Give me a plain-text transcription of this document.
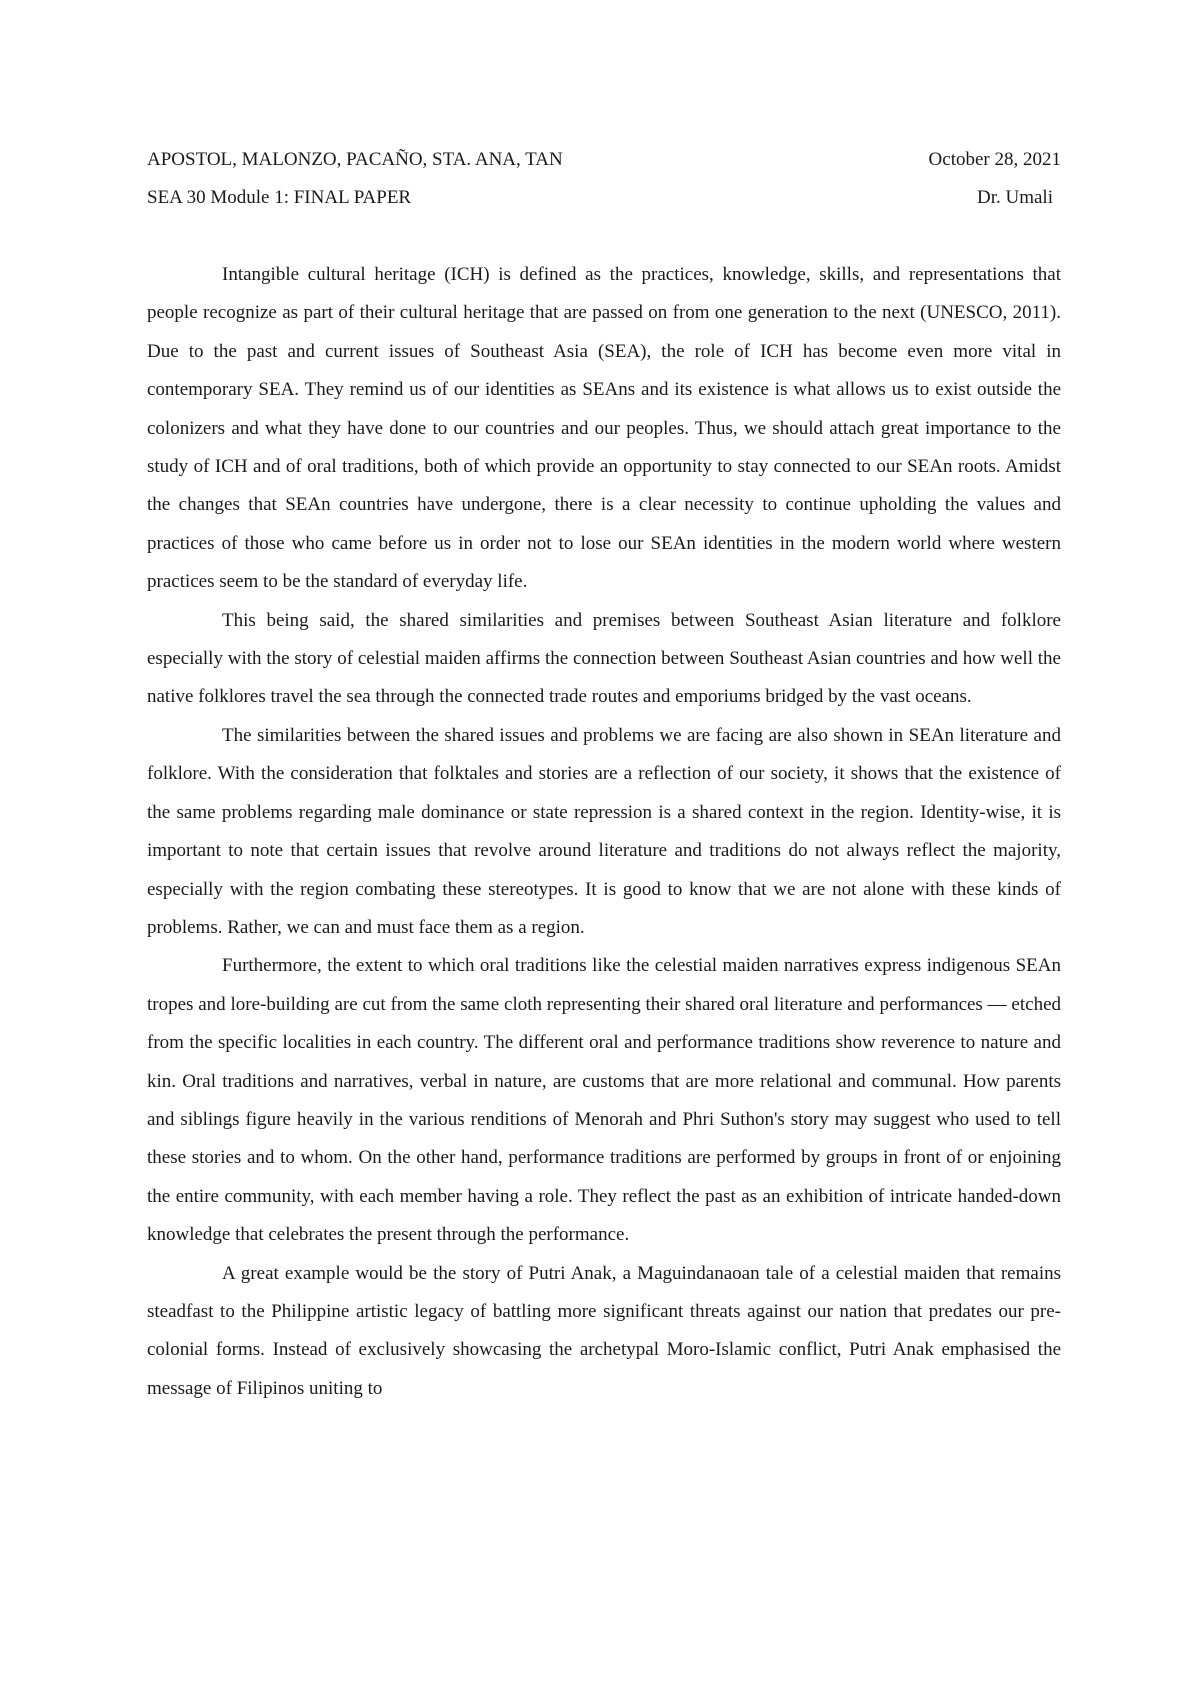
APOSTOL, MALONZO, PACAÑO, STA. ANA, TAN	October 28, 2021
SEA 30 Module 1: FINAL PAPER	Dr. Umali

Intangible cultural heritage (ICH) is defined as the practices, knowledge, skills, and representations that people recognize as part of their cultural heritage that are passed on from one generation to the next (UNESCO, 2011). Due to the past and current issues of Southeast Asia (SEA), the role of ICH has become even more vital in contemporary SEA. They remind us of our identities as SEAns and its existence is what allows us to exist outside the colonizers and what they have done to our countries and our peoples. Thus, we should attach great importance to the study of ICH and of oral traditions, both of which provide an opportunity to stay connected to our SEAn roots. Amidst the changes that SEAn countries have undergone, there is a clear necessity to continue upholding the values and practices of those who came before us in order not to lose our SEAn identities in the modern world where western practices seem to be the standard of everyday life.

This being said, the shared similarities and premises between Southeast Asian literature and folklore especially with the story of celestial maiden affirms the connection between Southeast Asian countries and how well the native folklores travel the sea through the connected trade routes and emporiums bridged by the vast oceans.

The similarities between the shared issues and problems we are facing are also shown in SEAn literature and folklore. With the consideration that folktales and stories are a reflection of our society, it shows that the existence of the same problems regarding male dominance or state repression is a shared context in the region. Identity-wise, it is important to note that certain issues that revolve around literature and traditions do not always reflect the majority, especially with the region combating these stereotypes. It is good to know that we are not alone with these kinds of problems. Rather, we can and must face them as a region.

Furthermore, the extent to which oral traditions like the celestial maiden narratives express indigenous SEAn tropes and lore-building are cut from the same cloth representing their shared oral literature and performances — etched from the specific localities in each country. The different oral and performance traditions show reverence to nature and kin. Oral traditions and narratives, verbal in nature, are customs that are more relational and communal. How parents and siblings figure heavily in the various renditions of Menorah and Phri Suthon's story may suggest who used to tell these stories and to whom. On the other hand, performance traditions are performed by groups in front of or enjoining the entire community, with each member having a role. They reflect the past as an exhibition of intricate handed-down knowledge that celebrates the present through the performance.

A great example would be the story of Putri Anak, a Maguindanaoan tale of a celestial maiden that remains steadfast to the Philippine artistic legacy of battling more significant threats against our nation that predates our pre-colonial forms. Instead of exclusively showcasing the archetypal Moro-Islamic conflict, Putri Anak emphasised the message of Filipinos uniting to
